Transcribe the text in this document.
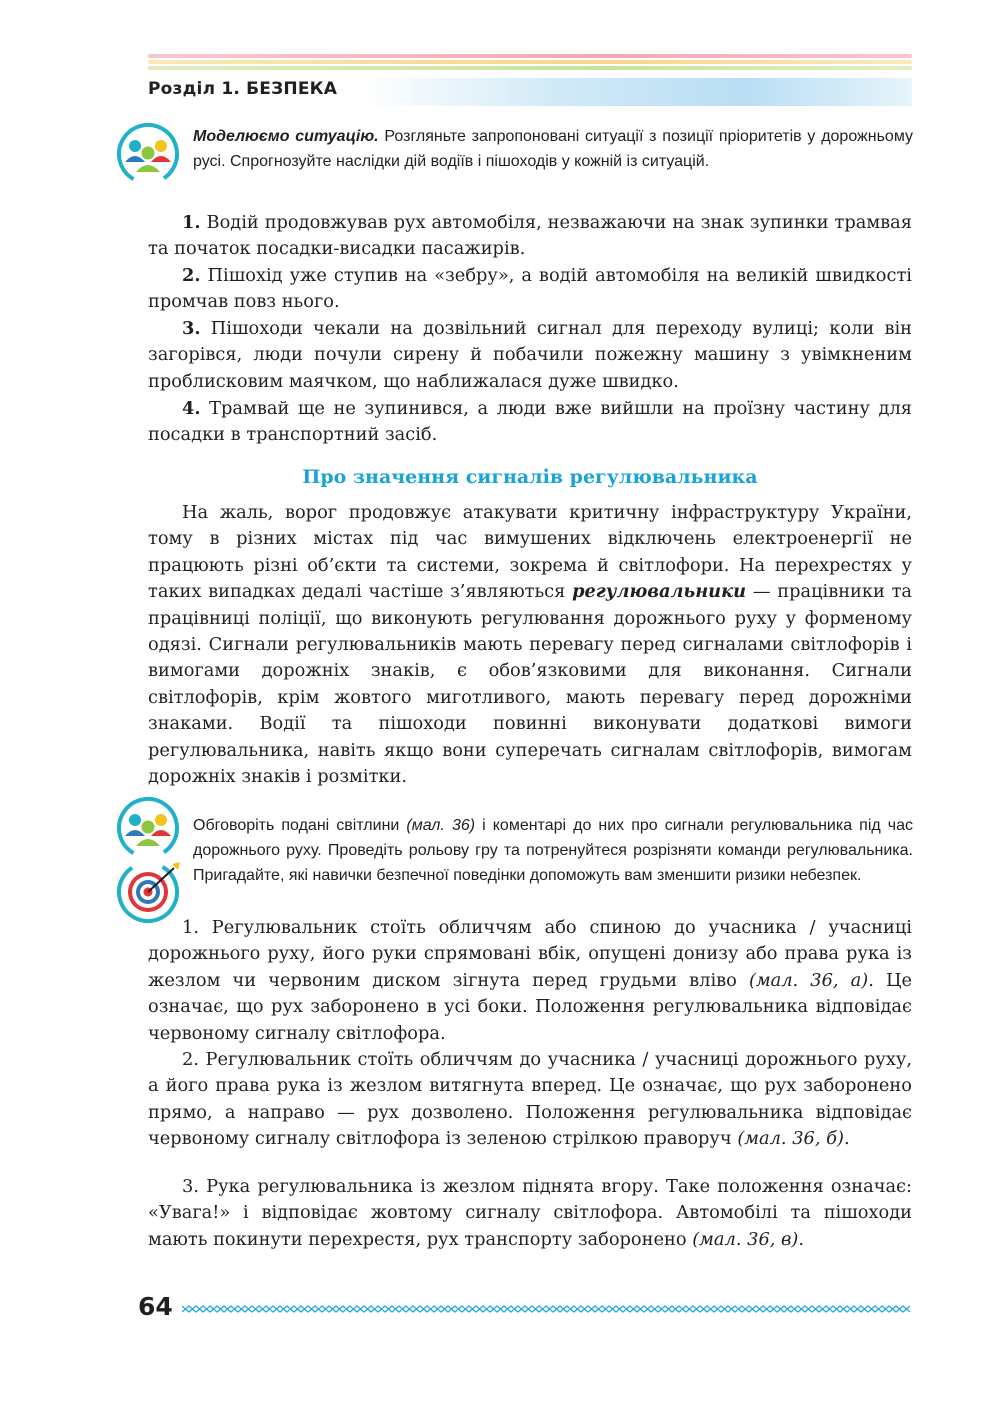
Розділ 1. БЕЗПЕКА
Моделюємо ситуацію. Розгляньте запропоновані ситуації з позиції пріоритетів у дорожньому русі. Спрогнозуйте наслідки дій водіїв і пішоходів у кожній із ситуацій.
1. Водій продовжував рух автомобіля, незважаючи на знак зупинки трамвая та початок посадки-висадки пасажирів.
2. Пішохід уже ступив на «зебру», а водій автомобіля на великій швидкості промчав повз нього.
3. Пішоходи чекали на дозвільний сигнал для переходу вулиці; коли він загорівся, люди почули сирену й побачили пожежну машину з увімкненим проблисковим маячком, що наближалася дуже швидко.
4. Трамвай ще не зупинився, а люди вже вийшли на проїзну частину для посадки в транспортний засіб.
Про значення сигналів регулювальника
На жаль, ворог продовжує атакувати критичну інфраструктуру України, тому в різних містах під час вимушених відключень електроенергії не працюють різні об’єкти та системи, зокрема й світлофори. На перехрестях у таких випадках дедалі частіше з’являються регулювальники — працівники та працівниці поліції, що виконують регулювання дорожнього руху у форменому одязі. Сигнали регулювальників мають перевагу перед сигналами світлофорів і вимогами дорожніх знаків, є обов’язковими для виконання. Сигнали світлофорів, крім жовтого миготливого, мають перевагу перед дорожніми знаками. Водії та пішоходи повинні виконувати додаткові вимоги регулювальника, навіть якщо вони суперечать сигналам світлофорів, вимогам дорожніх знаків і розмітки.
Обговоріть подані світлини (мал. 36) і коментарі до них про сигнали регулювальника під час дорожнього руху. Проведіть рольову гру та потренуйтеся розрізняти команди регулювальника. Пригадайте, які навички безпечної поведінки допоможуть вам зменшити ризики небезпек.
1. Регулювальник стоїть обличчям або спиною до учасника / учасниці дорожнього руху, його руки спрямовані вбік, опущені донизу або права рука із жезлом чи червоним диском зігнута перед грудьми вліво (мал. 36, а). Це означає, що рух заборонено в усі боки. Положення регулювальника відповідає червоному сигналу світлофора.
2. Регулювальник стоїть обличчям до учасника / учасниці дорожнього руху, а його права рука із жезлом витягнута вперед. Це означає, що рух заборонено прямо, а направо — рух дозволено. Положення регулювальника відповідає червоному сигналу світлофора із зеленою стрілкою праворуч (мал. 36, б).
3. Рука регулювальника із жезлом піднята вгору. Таке положення означає: «Увага!» і відповідає жовтому сигналу світлофора. Автомобілі та пішоходи мають покинути перехрестя, рух транспорту заборонено (мал. 36, в).
64
